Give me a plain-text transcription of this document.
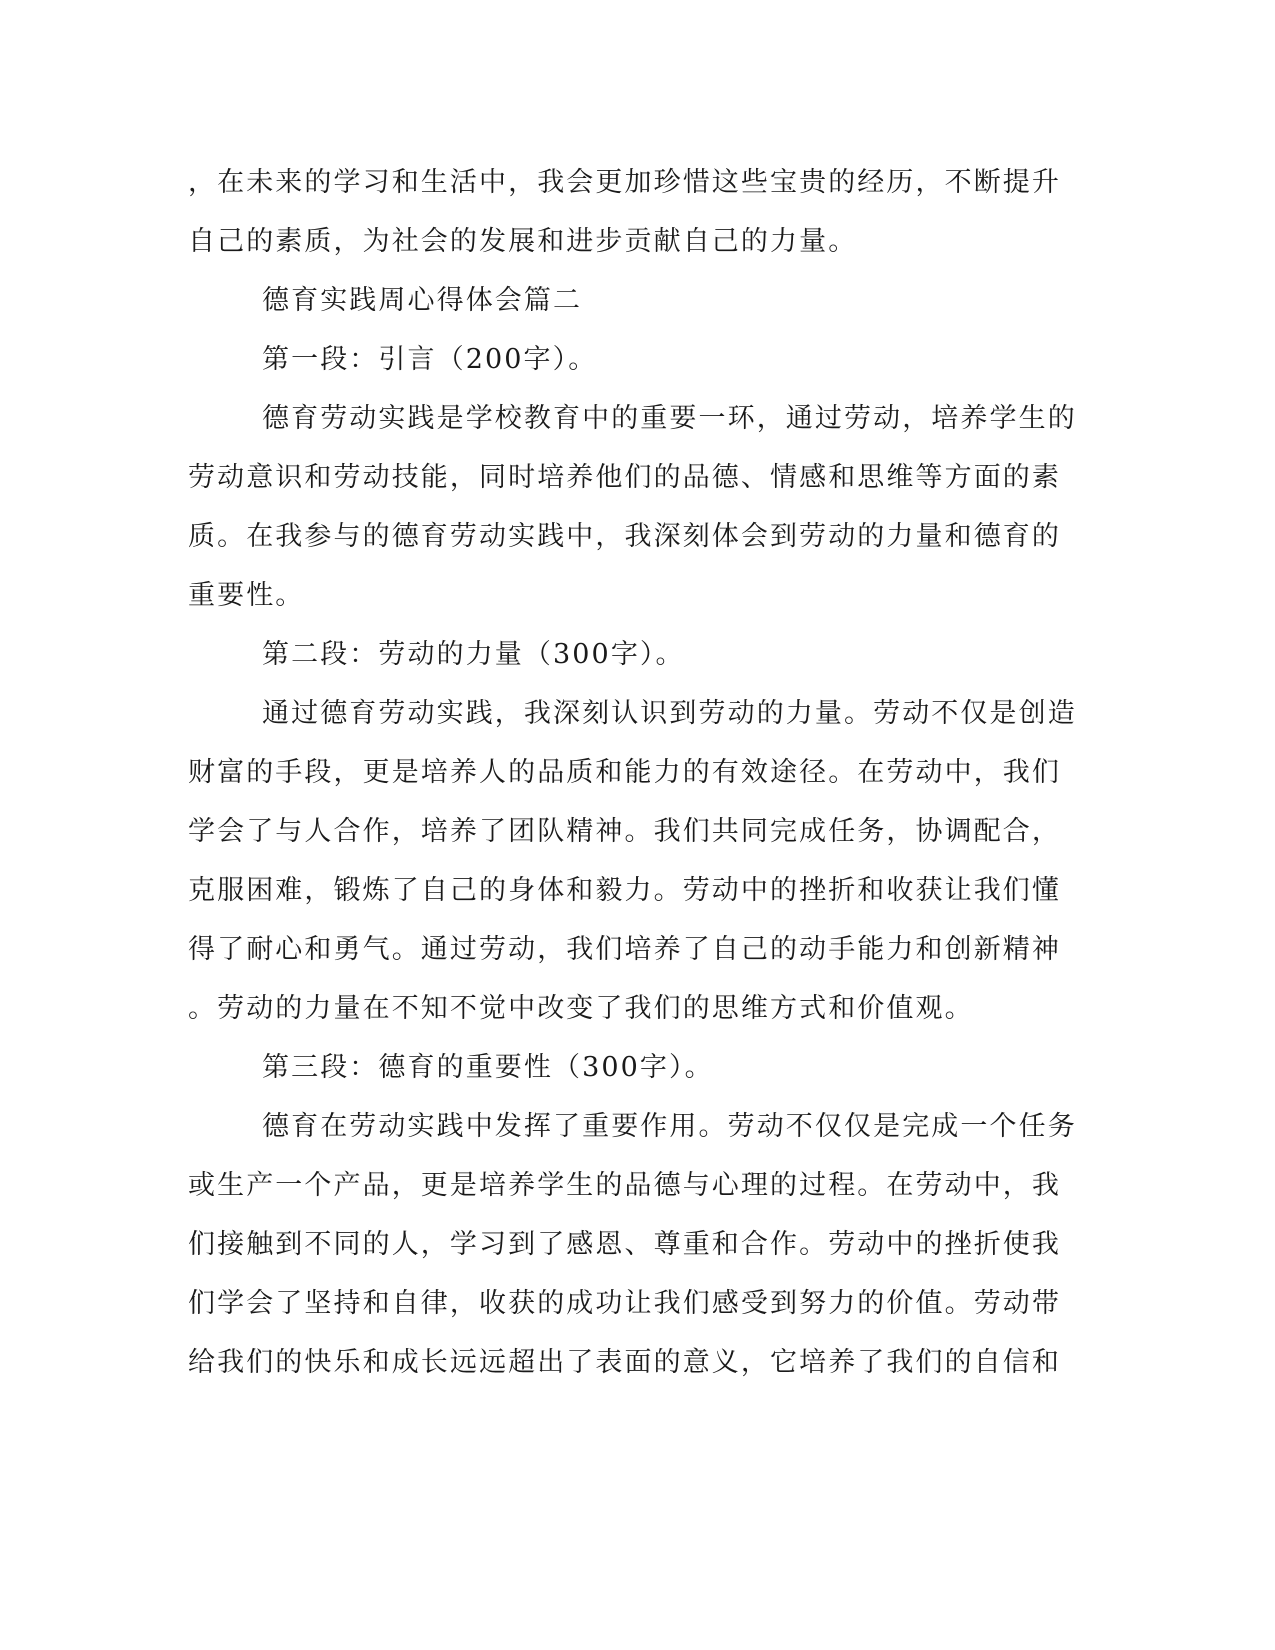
，在未来的学习和生活中，我会更加珍惜这些宝贵的经历，不断提升
自己的素质，为社会的发展和进步贡献自己的力量。
德育实践周心得体会篇二
第一段：引言（200字）。
德育劳动实践是学校教育中的重要一环，通过劳动，培养学生的
劳动意识和劳动技能，同时培养他们的品德、情感和思维等方面的素
质。在我参与的德育劳动实践中，我深刻体会到劳动的力量和德育的
重要性。
第二段：劳动的力量（300字）。
通过德育劳动实践，我深刻认识到劳动的力量。劳动不仅是创造
财富的手段，更是培养人的品质和能力的有效途径。在劳动中，我们
学会了与人合作，培养了团队精神。我们共同完成任务，协调配合，
克服困难，锻炼了自己的身体和毅力。劳动中的挫折和收获让我们懂
得了耐心和勇气。通过劳动，我们培养了自己的动手能力和创新精神
。劳动的力量在不知不觉中改变了我们的思维方式和价值观。
第三段：德育的重要性（300字）。
德育在劳动实践中发挥了重要作用。劳动不仅仅是完成一个任务
或生产一个产品，更是培养学生的品德与心理的过程。在劳动中，我
们接触到不同的人，学习到了感恩、尊重和合作。劳动中的挫折使我
们学会了坚持和自律，收获的成功让我们感受到努力的价值。劳动带
给我们的快乐和成长远远超出了表面的意义，它培养了我们的自信和
